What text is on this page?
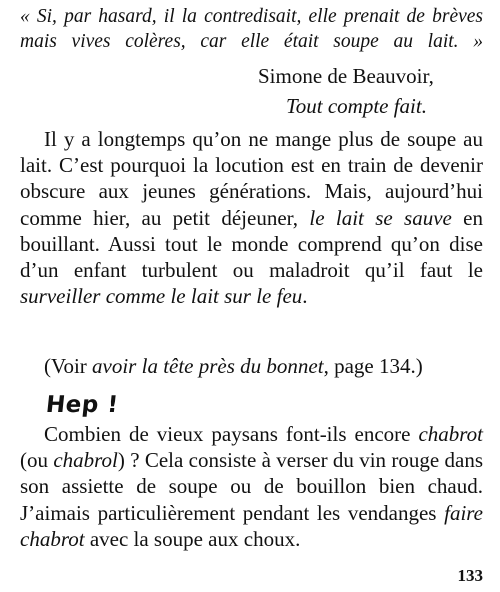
« Si, par hasard, il la contredisait, elle prenait de brèves mais vives colères, car elle était soupe au lait. »

Simone de Beauvoir,

Tout compte fait.

Il y a longtemps qu’on ne mange plus de soupe au lait. C’est pourquoi la locution est en train de devenir obscure aux jeunes générations. Mais, aujourd’hui comme hier, au petit déjeuner, le lait se sauve en bouillant. Aussi tout le monde comprend qu’on dise d’un enfant turbulent ou maladroit qu’il faut le surveiller comme le lait sur le feu.

(Voir avoir la tête près du bonnet, page 134.)

Hep !

Combien de vieux paysans font-ils encore chabrot (ou chabrol) ? Cela consiste à verser du vin rouge dans son assiette de soupe ou de bouillon bien chaud. J’aimais particulièrement pendant les vendanges faire chabrot avec la soupe aux choux.

133
